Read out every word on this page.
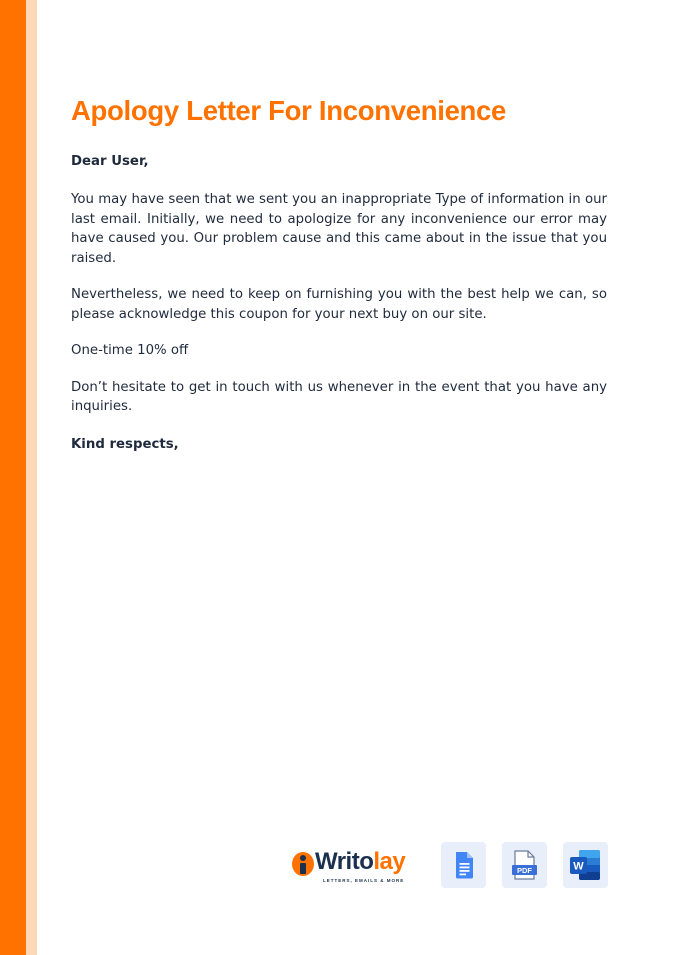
Apology Letter For Inconvenience
Dear User,

You may have seen that we sent you an inappropriate Type of information in our last email. Initially, we need to apologize for any inconvenience our error may have caused you. Our problem cause and this came about in the issue that you raised.

Nevertheless, we need to keep on furnishing you with the best help we can, so please acknowledge this coupon for your next buy on our site.

One-time 10% off

Don’t hesitate to get in touch with us whenever in the event that you have any inquiries.

Kind respects,

Writolay
LETTERS, EMAILS & MORE
PDF	W
